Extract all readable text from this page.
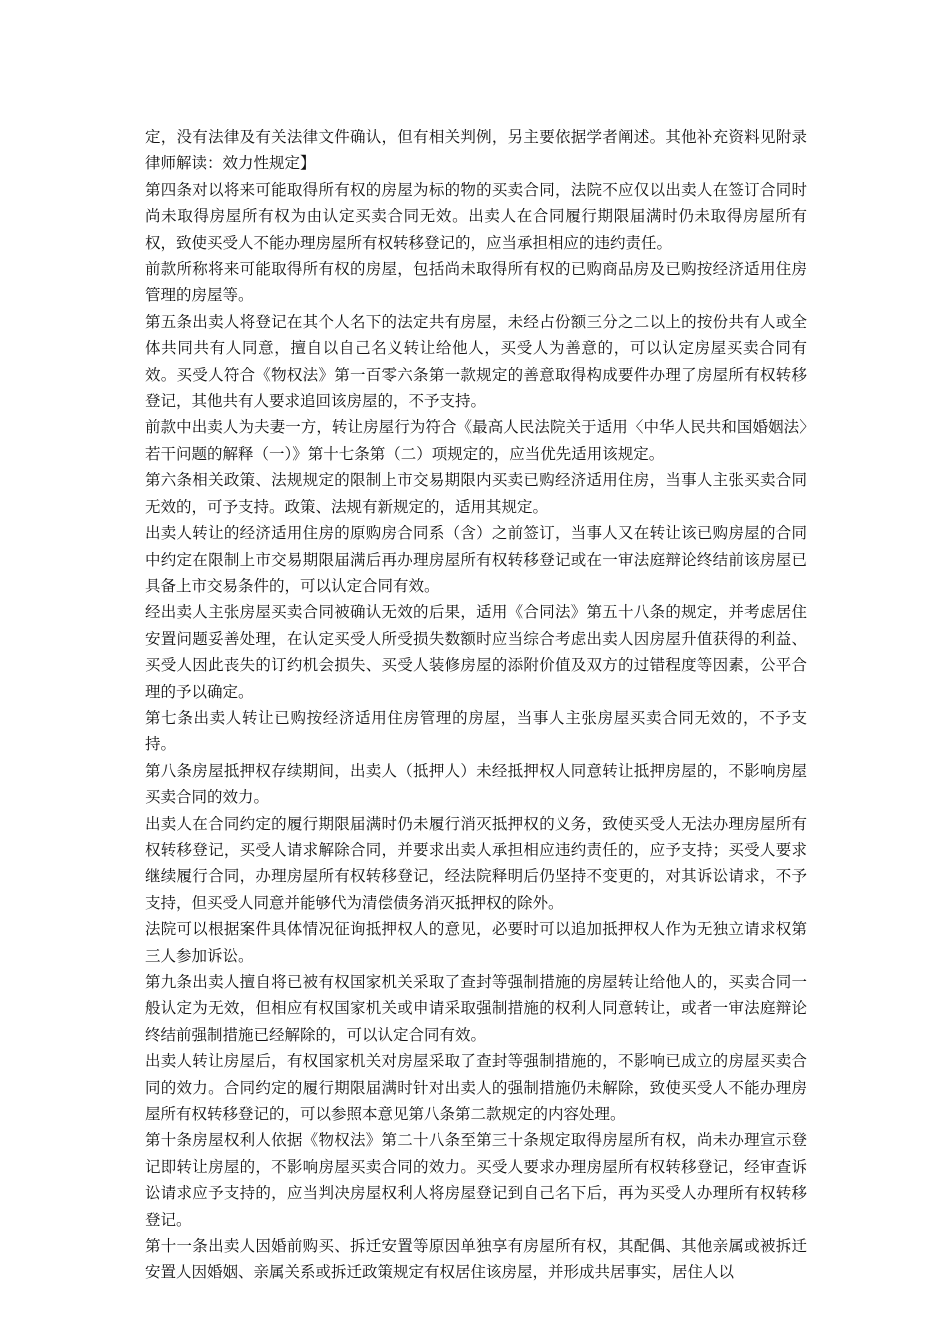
定，没有法律及有关法律文件确认，但有相关判例，另主要依据学者阐述。其他补充资料见附录律师解读：效力性规定】

第四条对以将来可能取得所有权的房屋为标的物的买卖合同，法院不应仅以出卖人在签订合同时尚未取得房屋所有权为由认定买卖合同无效。出卖人在合同履行期限届满时仍未取得房屋所有权，致使买受人不能办理房屋所有权转移登记的，应当承担相应的违约责任。

前款所称将来可能取得所有权的房屋，包括尚未取得所有权的已购商品房及已购按经济适用住房管理的房屋等。

第五条出卖人将登记在其个人名下的法定共有房屋，未经占份额三分之二以上的按份共有人或全体共同共有人同意，擅自以自己名义转让给他人，买受人为善意的，可以认定房屋买卖合同有效。买受人符合《物权法》第一百零六条第一款规定的善意取得构成要件办理了房屋所有权转移登记，其他共有人要求追回该房屋的，不予支持。

前款中出卖人为夫妻一方，转让房屋行为符合《最高人民法院关于适用〈中华人民共和国婚姻法〉若干问题的解释（一）》第十七条第（二）项规定的，应当优先适用该规定。

第六条相关政策、法规规定的限制上市交易期限内买卖已购经济适用住房，当事人主张买卖合同无效的，可予支持。政策、法规有新规定的，适用其规定。

出卖人转让的经济适用住房的原购房合同系（含）之前签订，当事人又在转让该已购房屋的合同中约定在限制上市交易期限届满后再办理房屋所有权转移登记或在一审法庭辩论终结前该房屋已具备上市交易条件的，可以认定合同有效。

经出卖人主张房屋买卖合同被确认无效的后果，适用《合同法》第五十八条的规定，并考虑居住安置问题妥善处理，在认定买受人所受损失数额时应当综合考虑出卖人因房屋升值获得的利益、买受人因此丧失的订约机会损失、买受人装修房屋的添附价值及双方的过错程度等因素，公平合理的予以确定。

第七条出卖人转让已购按经济适用住房管理的房屋，当事人主张房屋买卖合同无效的，不予支持。

第八条房屋抵押权存续期间，出卖人（抵押人）未经抵押权人同意转让抵押房屋的，不影响房屋买卖合同的效力。

出卖人在合同约定的履行期限届满时仍未履行消灭抵押权的义务，致使买受人无法办理房屋所有权转移登记，买受人请求解除合同，并要求出卖人承担相应违约责任的，应予支持；买受人要求继续履行合同，办理房屋所有权转移登记，经法院释明后仍坚持不变更的，对其诉讼请求，不予支持，但买受人同意并能够代为清偿债务消灭抵押权的除外。

法院可以根据案件具体情况征询抵押权人的意见，必要时可以追加抵押权人作为无独立请求权第三人参加诉讼。

第九条出卖人擅自将已被有权国家机关采取了查封等强制措施的房屋转让给他人的，买卖合同一般认定为无效，但相应有权国家机关或申请采取强制措施的权利人同意转让，或者一审法庭辩论终结前强制措施已经解除的，可以认定合同有效。

出卖人转让房屋后，有权国家机关对房屋采取了查封等强制措施的，不影响已成立的房屋买卖合同的效力。合同约定的履行期限届满时针对出卖人的强制措施仍未解除，致使买受人不能办理房屋所有权转移登记的，可以参照本意见第八条第二款规定的内容处理。

第十条房屋权利人依据《物权法》第二十八条至第三十条规定取得房屋所有权，尚未办理宣示登记即转让房屋的，不影响房屋买卖合同的效力。买受人要求办理房屋所有权转移登记，经审查诉讼请求应予支持的，应当判决房屋权利人将房屋登记到自己名下后，再为买受人办理所有权转移登记。

第十一条出卖人因婚前购买、拆迁安置等原因单独享有房屋所有权，其配偶、其他亲属或被拆迁安置人因婚姻、亲属关系或拆迁政策规定有权居住该房屋，并形成共居事实，居住人以
